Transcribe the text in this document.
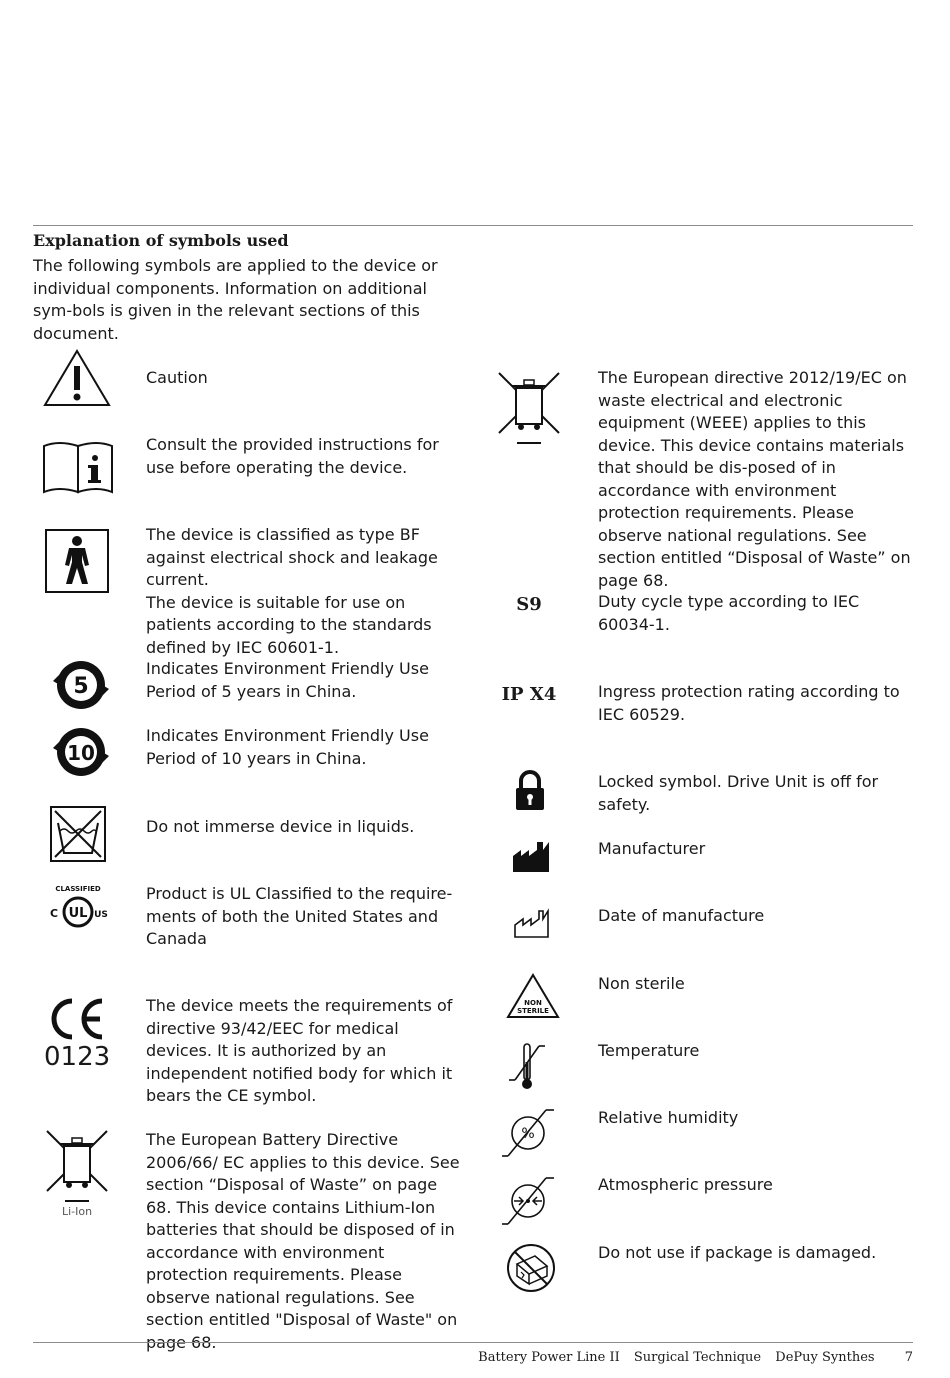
Explanation of symbols used
The following symbols are applied to the device or individual components. Information on additional sym-bols is given in the relevant sections of this document.
Caution
Consult the provided instructions for use before operating the device.
The device is classified as type BF against electrical shock and leakage current.
The device is suitable for use on patients according to the standards defined by IEC 60601-1.
5
Indicates Environment Friendly Use Period of 5 years in China.
10
Indicates Environment Friendly Use Period of 10 years in China.
Do not immerse device in liquids.
CLASSIFIED
UL
C	US
Product is UL Classified to the require-ments of both the United States and Canada
0123
The device meets the requirements of directive 93/42/EEC for medical devices. It is authorized by an independent notified body for which it bears the CE symbol.
Li-Ion
The European Battery Directive 2006/66/ EC applies to this device. See section “Disposal of Waste” on page 68. This device contains Lithium-Ion batteries that should be disposed of in accordance with environment protection requirements. Please observe national regulations. See section entitled "Disposal of Waste" on page 68.
The European directive 2012/19/EC on waste electrical and electronic equipment (WEEE) applies to this device. This device contains materials that should be dis-posed of in accordance with environment protection requirements. Please observe national regulations. See section entitled “Disposal of Waste” on page 68.
S9	Duty cycle type according to IEC 60034-1.
IP X4	Ingress protection rating according to IEC 60529.
Locked symbol. Drive Unit is off for safety.
Manufacturer
Date of manufacture
NON
STERILE
Non sterile
Temperature
%
Relative humidity
Atmospheric pressure
Do not use if package is damaged.
Battery Power Line II Surgical Technique DePuy Synthes 7
